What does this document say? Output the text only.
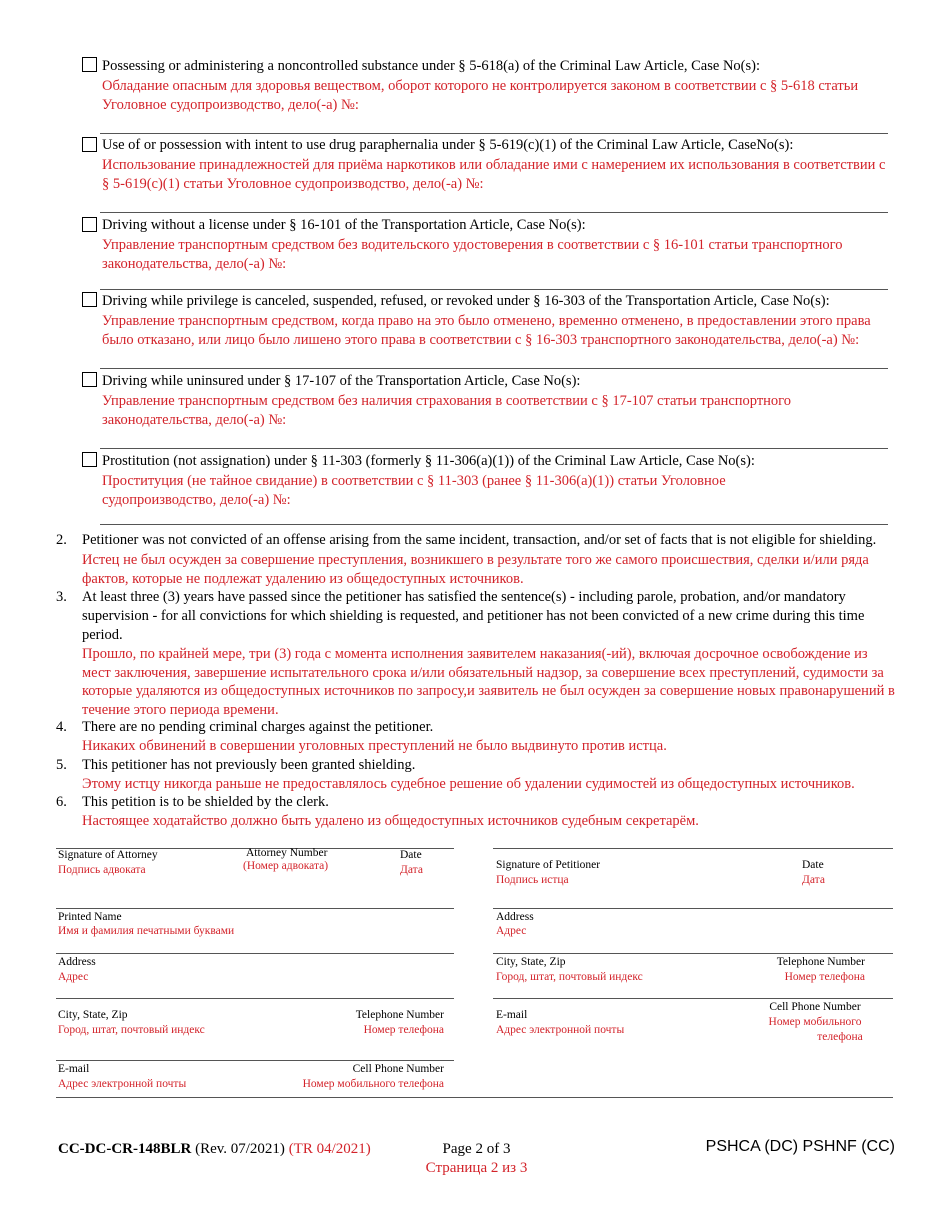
Possessing or administering a noncontrolled substance under § 5-618(a) of the Criminal Law Article, Case No(s):
Обладание опасным для здоровья веществом, оборот которого не контролируется законом в соответствии с § 5-618 статьи Уголовное судопроизводство, дело(-а) №:
Use of or possession with intent to use drug paraphernalia under § 5-619(c)(1) of the Criminal Law Article, CaseNo(s):
Использование принадлежностей для приёма наркотиков или обладание ими с намерением их использования в соответствии с § 5-619(c)(1) статьи Уголовное судопроизводство, дело(-а) №:
Driving without a license under § 16-101 of the Transportation Article, Case No(s):
Управление транспортным средством без водительского удостоверения в соответствии с § 16-101 статьи транспортного законодательства, дело(-а) №:
Driving while privilege is canceled, suspended, refused, or revoked under § 16-303 of the Transportation Article, Case No(s):
Управление транспортным средством, когда право на это было отменено, временно отменено, в предоставлении этого права было отказано, или лицо было лишено этого права в соответствии с § 16-303 транспортного законодательства, дело(-а) №:
Driving while uninsured under § 17-107 of the Transportation Article, Case No(s):
Управление транспортным средством без наличия страхования в соответствии с § 17-107 статьи транспортного законодательства, дело(-а) №:
Prostitution (not assignation) under § 11-303 (formerly § 11-306(a)(1)) of the Criminal Law Article, Case No(s):
Проституция (не тайное свидание) в соответствии с § 11-303 (ранее § 11-306(a)(1)) статьи Уголовное судопроизводство, дело(-а) №:
2. Petitioner was not convicted of an offense arising from the same incident, transaction, and/or set of facts that is not eligible for shielding.
Истец не был осужден за совершение преступления, возникшего в результате того же самого происшествия, сделки и/или ряда фактов, которые не подлежат удалению из общедоступных источников.
3. At least three (3) years have passed since the petitioner has satisfied the sentence(s) - including parole, probation, and/or mandatory supervision - for all convictions for which shielding is requested, and petitioner has not been convicted of a new crime during this time period.
Прошло, по крайней мере, три (3) года с момента исполнения заявителем наказания(-ий), включая досрочное освобождение из мест заключения, завершение испытательного срока и/или обязательный надзор, за совершение всех преступлений, судимости за которые удаляются из общедоступных источников по запросу,и заявитель не был осужден за совершение новых правонарушений в течение этого периода времени.
4. There are no pending criminal charges against the petitioner.
Никаких обвинений в совершении уголовных преступлений не было выдвинуто против истца.
5. This petitioner has not previously been granted shielding.
Этому истцу никогда раньше не предоставлялось судебное решение об удалении судимостей из общедоступных источников.
6. This petition is to be shielded by the clerk.
Настоящее ходатайство должно быть удалено из общедоступных источников судебным секретарём.
Signature of Attorney
Подпись адвоката
Attorney Number
(Номер адвоката)
Date
Дата
Printed Name
Имя и фамилия печатными буквами
Address
Адрес
City, State, Zip
Город, штат, почтовый индекс
Telephone Number
Номер телефона
E-mail
Адрес электронной почты
Cell Phone Number
Номер мобильного телефона
Signature of Petitioner
Подпись истца
Date
Дата
Address
Адрес
City, State, Zip
Город, штат, почтовый индекс
Telephone Number
Номер телефона
E-mail
Адрес электронной почты
Cell Phone Number
Номер мобильного
телефона
CC-DC-CR-148BLR (Rev. 07/2021) (TR 04/2021)	Page 2 of 3
Страница 2 из 3
PSHCA (DC) PSHNF (CC)
